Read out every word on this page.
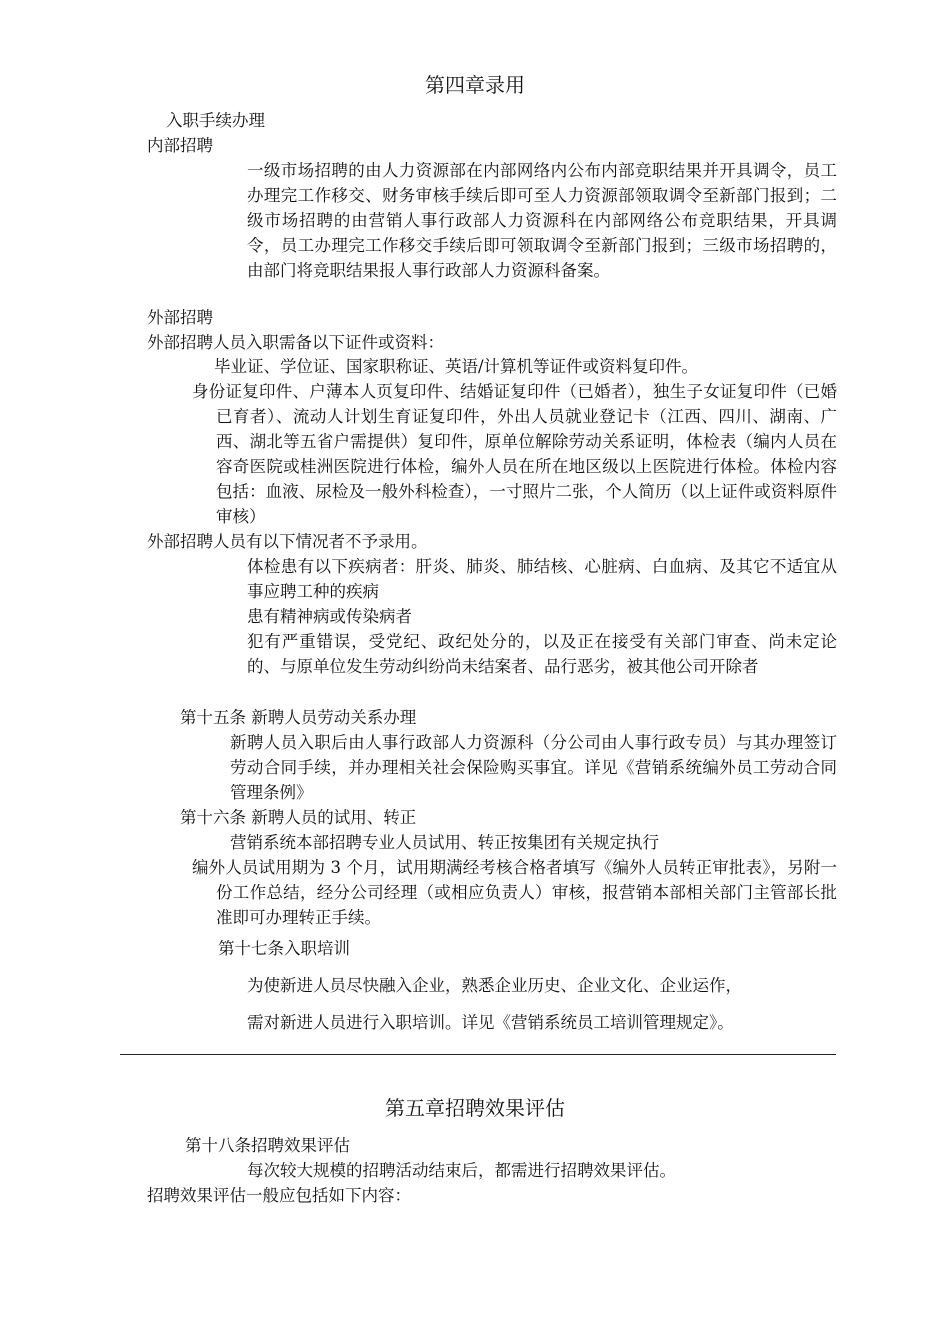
第四章录用
入职手续办理
内部招聘
一级市场招聘的由人力资源部在内部网络内公布内部竞职结果并开具调令，员工办理完工作移交、财务审核手续后即可至人力资源部领取调令至新部门报到；二级市场招聘的由营销人事行政部人力资源科在内部网络公布竞职结果，开具调令，员工办理完工作移交手续后即可领取调令至新部门报到；三级市场招聘的，由部门将竞职结果报人事行政部人力资源科备案。
外部招聘
外部招聘人员入职需备以下证件或资料：
毕业证、学位证、国家职称证、英语/计算机等证件或资料复印件。
身份证复印件、户薄本人页复印件、结婚证复印件（已婚者），独生子女证复印件（已婚已育者）、流动人计划生育证复印件，外出人员就业登记卡（江西、四川、湖南、广西、湖北等五省户需提供）复印件，原单位解除劳动关系证明，体检表（编内人员在容奇医院或桂洲医院进行体检，编外人员在所在地区级以上医院进行体检。体检内容包括：血液、尿检及一般外科检查），一寸照片二张，个人简历（以上证件或资料原件审核）
外部招聘人员有以下情况者不予录用。
体检患有以下疾病者：肝炎、肺炎、肺结核、心脏病、白血病、及其它不适宜从事应聘工种的疾病
患有精神病或传染病者
犯有严重错误，受党纪、政纪处分的，以及正在接受有关部门审查、尚未定论的、与原单位发生劳动纠纷尚未结案者、品行恶劣，被其他公司开除者
第十五条 新聘人员劳动关系办理
新聘人员入职后由人事行政部人力资源科（分公司由人事行政专员）与其办理签订劳动合同手续，并办理相关社会保险购买事宜。详见《营销系统编外员工劳动合同管理条例》
第十六条 新聘人员的试用、转正
营销系统本部招聘专业人员试用、转正按集团有关规定执行
编外人员试用期为 3 个月，试用期满经考核合格者填写《编外人员转正审批表》，另附一份工作总结，经分公司经理（或相应负责人）审核，报营销本部相关部门主管部长批准即可办理转正手续。
第十七条入职培训
为使新进人员尽快融入企业，熟悉企业历史、企业文化、企业运作，
需对新进人员进行入职培训。详见《营销系统员工培训管理规定》。
第五章招聘效果评估
第十八条招聘效果评估
每次较大规模的招聘活动结束后，都需进行招聘效果评估。
招聘效果评估一般应包括如下内容：
